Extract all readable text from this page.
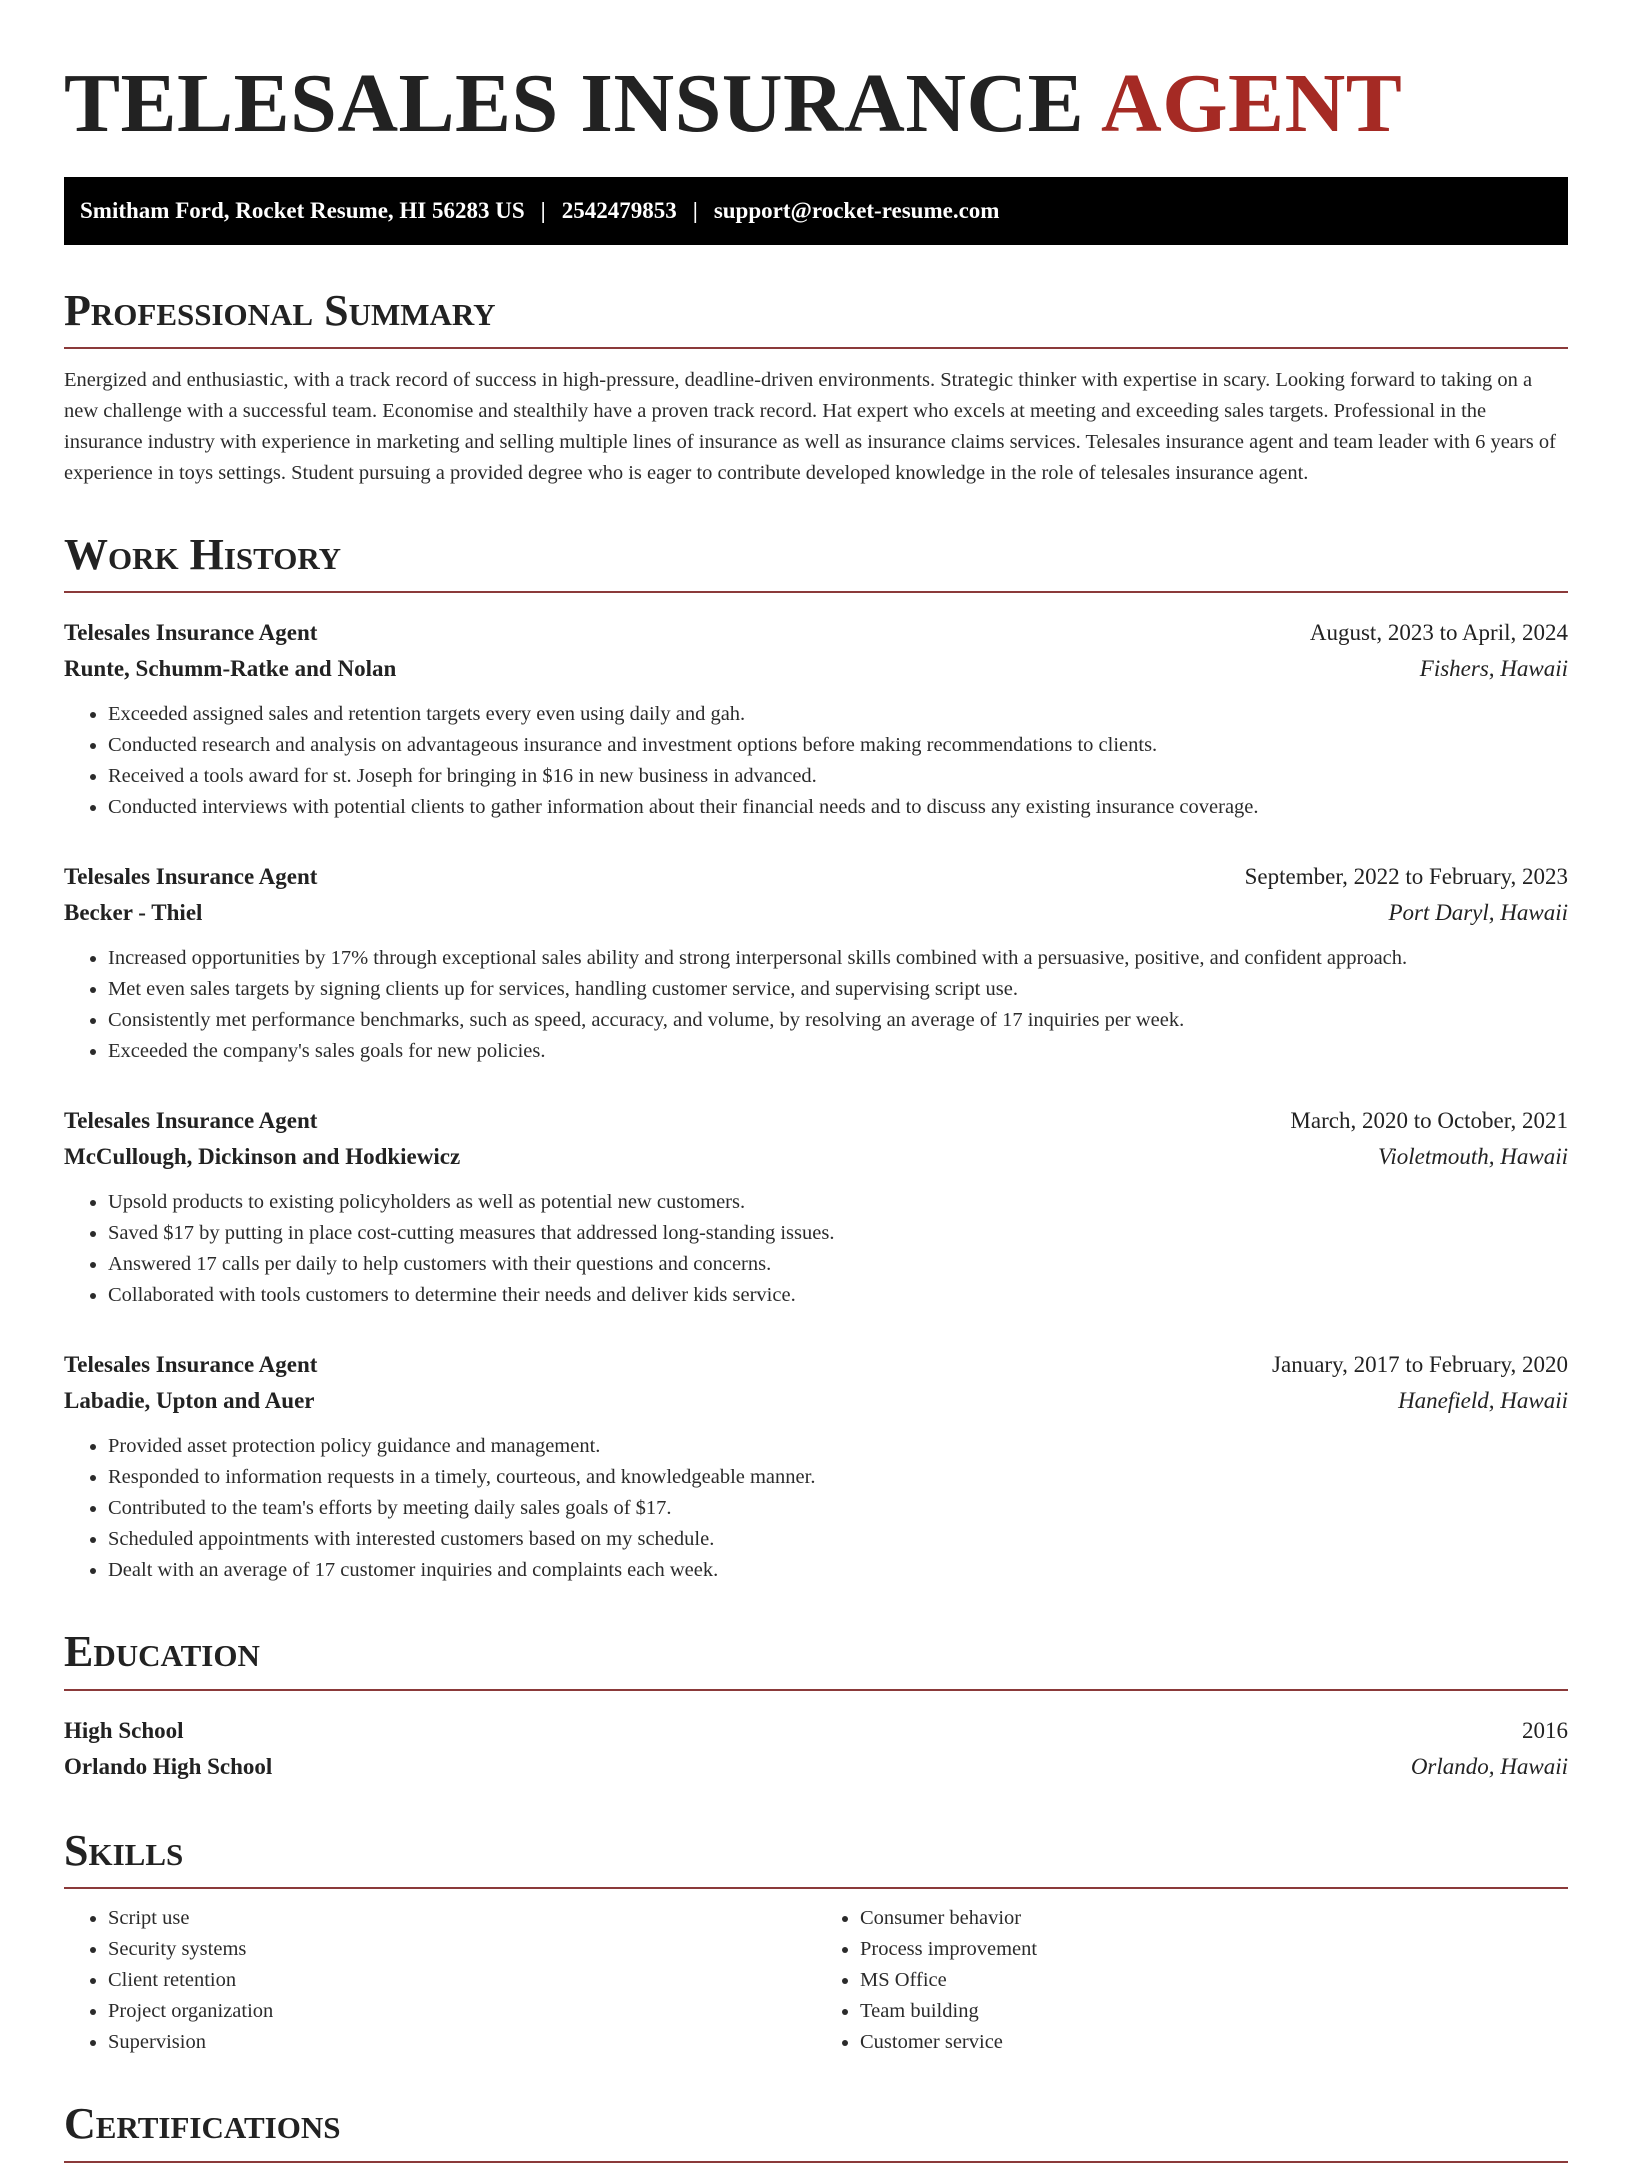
TELESALES INSURANCE AGENT
Smitham Ford, Rocket Resume, HI 56283 US | 2542479853 | support@rocket-resume.com
Professional Summary

Energized and enthusiastic, with a track record of success in high-pressure, deadline-driven environments. Strategic thinker with expertise in scary. Looking forward to taking on a new challenge with a successful team. Economise and stealthily have a proven track record. Hat expert who excels at meeting and exceeding sales targets. Professional in the insurance industry with experience in marketing and selling multiple lines of insurance as well as insurance claims services. Telesales insurance agent and team leader with 6 years of experience in toys settings. Student pursuing a provided degree who is eager to contribute developed knowledge in the role of telesales insurance agent.

Work History
Telesales Insurance Agent	August, 2023 to April, 2024
Runte, Schumm-Ratke and Nolan	Fishers, Hawaii
• Exceeded assigned sales and retention targets every even using daily and gah.
• Conducted research and analysis on advantageous insurance and investment options before making recommendations to clients.
• Received a tools award for st. Joseph for bringing in $16 in new business in advanced.
• Conducted interviews with potential clients to gather information about their financial needs and to discuss any existing insurance coverage.
Telesales Insurance Agent	September, 2022 to February, 2023
Becker - Thiel	Port Daryl, Hawaii
• Increased opportunities by 17% through exceptional sales ability and strong interpersonal skills combined with a persuasive, positive, and confident approach.
• Met even sales targets by signing clients up for services, handling customer service, and supervising script use.
• Consistently met performance benchmarks, such as speed, accuracy, and volume, by resolving an average of 17 inquiries per week.
• Exceeded the company's sales goals for new policies.
Telesales Insurance Agent	March, 2020 to October, 2021
McCullough, Dickinson and Hodkiewicz	Violetmouth, Hawaii
• Upsold products to existing policyholders as well as potential new customers.
• Saved $17 by putting in place cost-cutting measures that addressed long-standing issues.
• Answered 17 calls per daily to help customers with their questions and concerns.
• Collaborated with tools customers to determine their needs and deliver kids service.
Telesales Insurance Agent	January, 2017 to February, 2020
Labadie, Upton and Auer	Hanefield, Hawaii
• Provided asset protection policy guidance and management.
• Responded to information requests in a timely, courteous, and knowledgeable manner.
• Contributed to the team's efforts by meeting daily sales goals of $17.
• Scheduled appointments with interested customers based on my schedule.
• Dealt with an average of 17 customer inquiries and complaints each week.
Education
High School	2016
Orlando High School	Orlando, Hawaii
Skills
• Script use
• Security systems
• Client retention
• Project organization
• Supervision
• Consumer behavior
• Process improvement
• MS Office
• Team building
• Customer service
Certifications
